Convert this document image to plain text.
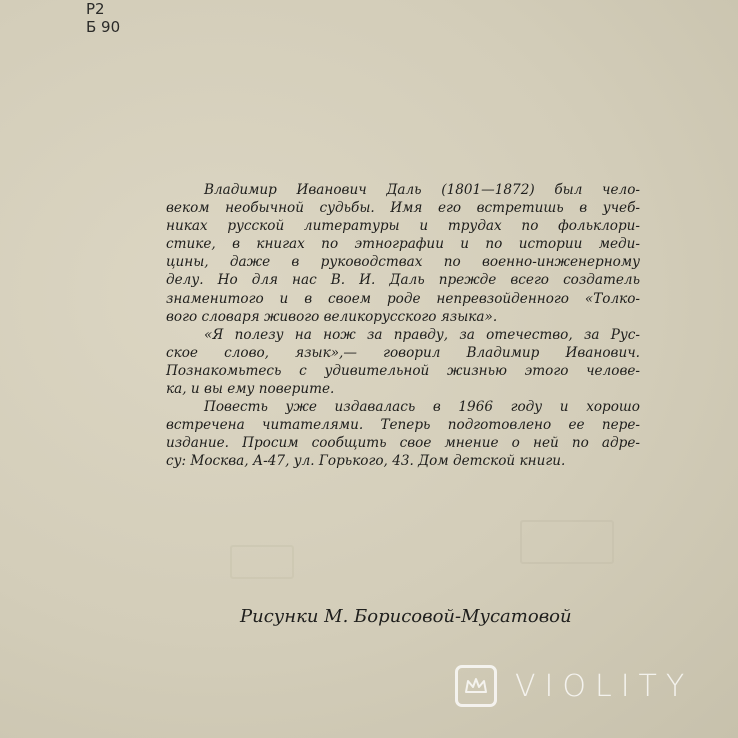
Р2
Б 90
Владимир Иванович Даль (1801—1872) был чело-
веком необычной судьбы. Имя его встретишь в учеб-
никах русской литературы и трудах по фольклори-
стике, в книгах по этнографии и по истории меди-
цины, даже в руководствах по военно-инженерному
делу. Но для нас В. И. Даль прежде всего создатель
знаменитого и в своем роде непревзойденного «Толко-
вого словаря живого великорусского языка».
«Я полезу на нож за правду, за отечество, за Рус-
ское слово, язык»,— говорил Владимир Иванович.
Познакомьтесь с удивительной жизнью этого челове-
ка, и вы ему поверите.
Повесть уже издавалась в 1966 году и хорошо
встречена читателями. Теперь подготовлено ее пере-
издание. Просим сообщить свое мнение о ней по адре-
су: Москва, А-47, ул. Горького, 43. Дом детской книги.
Рисунки М. Борисовой-Мусатовой
VIOLITY
